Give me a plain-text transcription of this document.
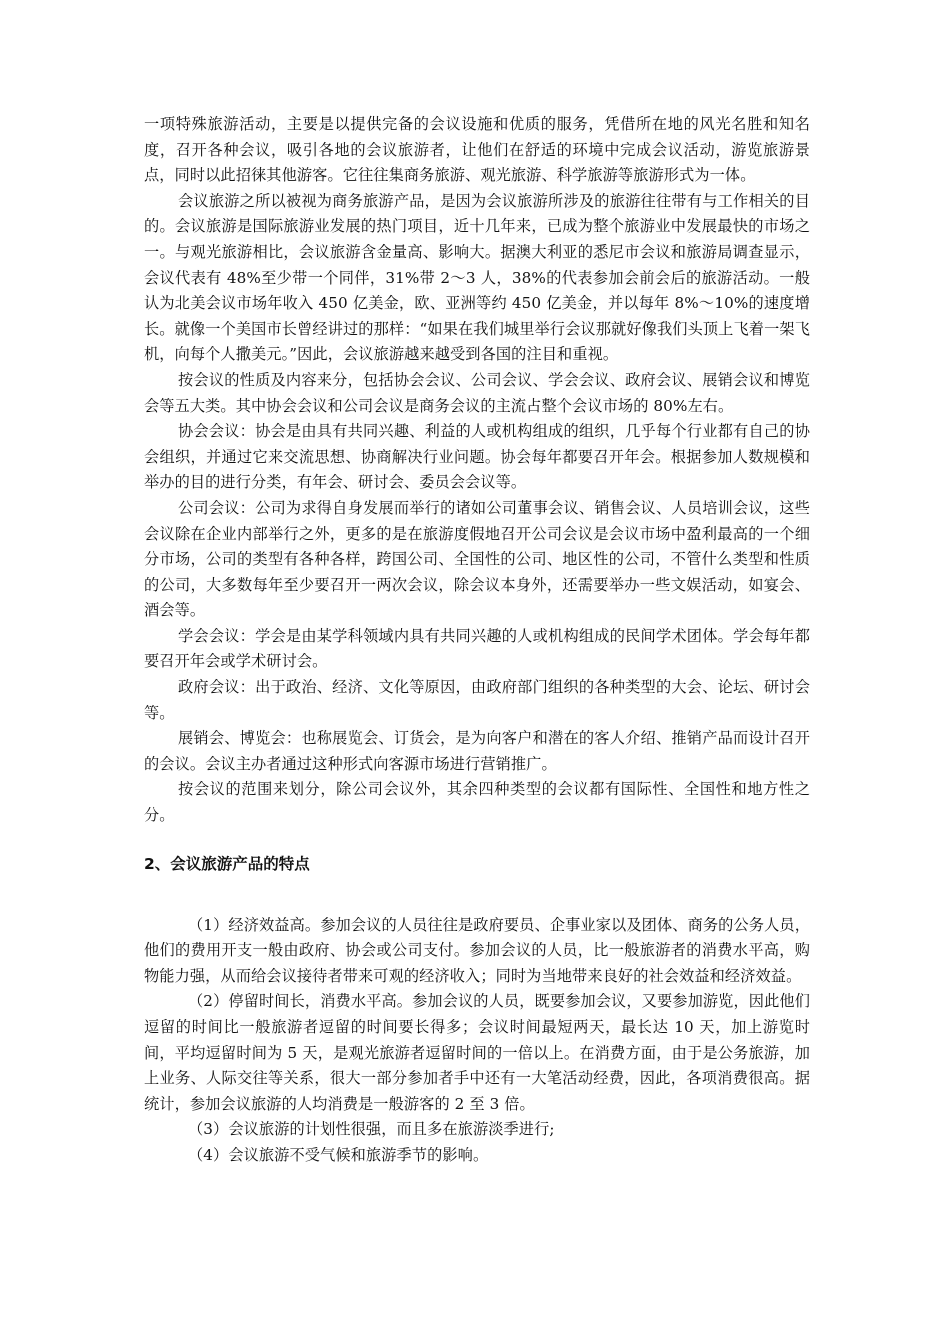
一项特殊旅游活动，主要是以提供完备的会议设施和优质的服务，凭借所在地的风光名胜和知名度，召开各种会议，吸引各地的会议旅游者，让他们在舒适的环境中完成会议活动，游览旅游景点，同时以此招徕其他游客。它往往集商务旅游、观光旅游、科学旅游等旅游形式为一体。

会议旅游之所以被视为商务旅游产品，是因为会议旅游所涉及的旅游往往带有与工作相关的目的。会议旅游是国际旅游业发展的热门项目，近十几年来，已成为整个旅游业中发展最快的市场之一。与观光旅游相比，会议旅游含金量高、影响大。据澳大利亚的悉尼市会议和旅游局调查显示，会议代表有 48%至少带一个同伴，31%带 2～3 人，38%的代表参加会前会后的旅游活动。一般认为北美会议市场年收入 450 亿美金，欧、亚洲等约 450 亿美金，并以每年 8%～10%的速度增长。就像一个美国市长曾经讲过的那样：“如果在我们城里举行会议那就好像我们头顶上飞着一架飞机，向每个人撒美元。”因此，会议旅游越来越受到各国的注目和重视。

按会议的性质及内容来分，包括协会会议、公司会议、学会会议、政府会议、展销会议和博览会等五大类。其中协会会议和公司会议是商务会议的主流占整个会议市场的 80%左右。

协会会议：协会是由具有共同兴趣、利益的人或机构组成的组织，几乎每个行业都有自己的协会组织，并通过它来交流思想、协商解决行业问题。协会每年都要召开年会。根据参加人数规模和举办的目的进行分类，有年会、研讨会、委员会会议等。

公司会议：公司为求得自身发展而举行的诸如公司董事会议、销售会议、人员培训会议，这些会议除在企业内部举行之外，更多的是在旅游度假地召开公司会议是会议市场中盈利最高的一个细分市场，公司的类型有各种各样，跨国公司、全国性的公司、地区性的公司，不管什么类型和性质的公司，大多数每年至少要召开一两次会议，除会议本身外，还需要举办一些文娱活动，如宴会、酒会等。

学会会议：学会是由某学科领域内具有共同兴趣的人或机构组成的民间学术团体。学会每年都要召开年会或学术研讨会。

政府会议：出于政治、经济、文化等原因，由政府部门组织的各种类型的大会、论坛、研讨会等。

展销会、博览会：也称展览会、订货会，是为向客户和潜在的客人介绍、推销产品而设计召开的会议。会议主办者通过这种形式向客源市场进行营销推广。

按会议的范围来划分，除公司会议外，其余四种类型的会议都有国际性、全国性和地方性之分。

2、会议旅游产品的特点

（1）经济效益高。参加会议的人员往往是政府要员、企事业家以及团体、商务的公务人员，他们的费用开支一般由政府、协会或公司支付。参加会议的人员，比一般旅游者的消费水平高，购物能力强，从而给会议接待者带来可观的经济收入；同时为当地带来良好的社会效益和经济效益。

（2）停留时间长，消费水平高。参加会议的人员，既要参加会议，又要参加游览，因此他们逗留的时间比一般旅游者逗留的时间要长得多；会议时间最短两天，最长达 10 天，加上游览时间，平均逗留时间为 5 天，是观光旅游者逗留时间的一倍以上。在消费方面，由于是公务旅游，加上业务、人际交往等关系，很大一部分参加者手中还有一大笔活动经费，因此，各项消费很高。据统计，参加会议旅游的人均消费是一般游客的 2 至 3 倍。

（3）会议旅游的计划性很强，而且多在旅游淡季进行;

（4）会议旅游不受气候和旅游季节的影响。
